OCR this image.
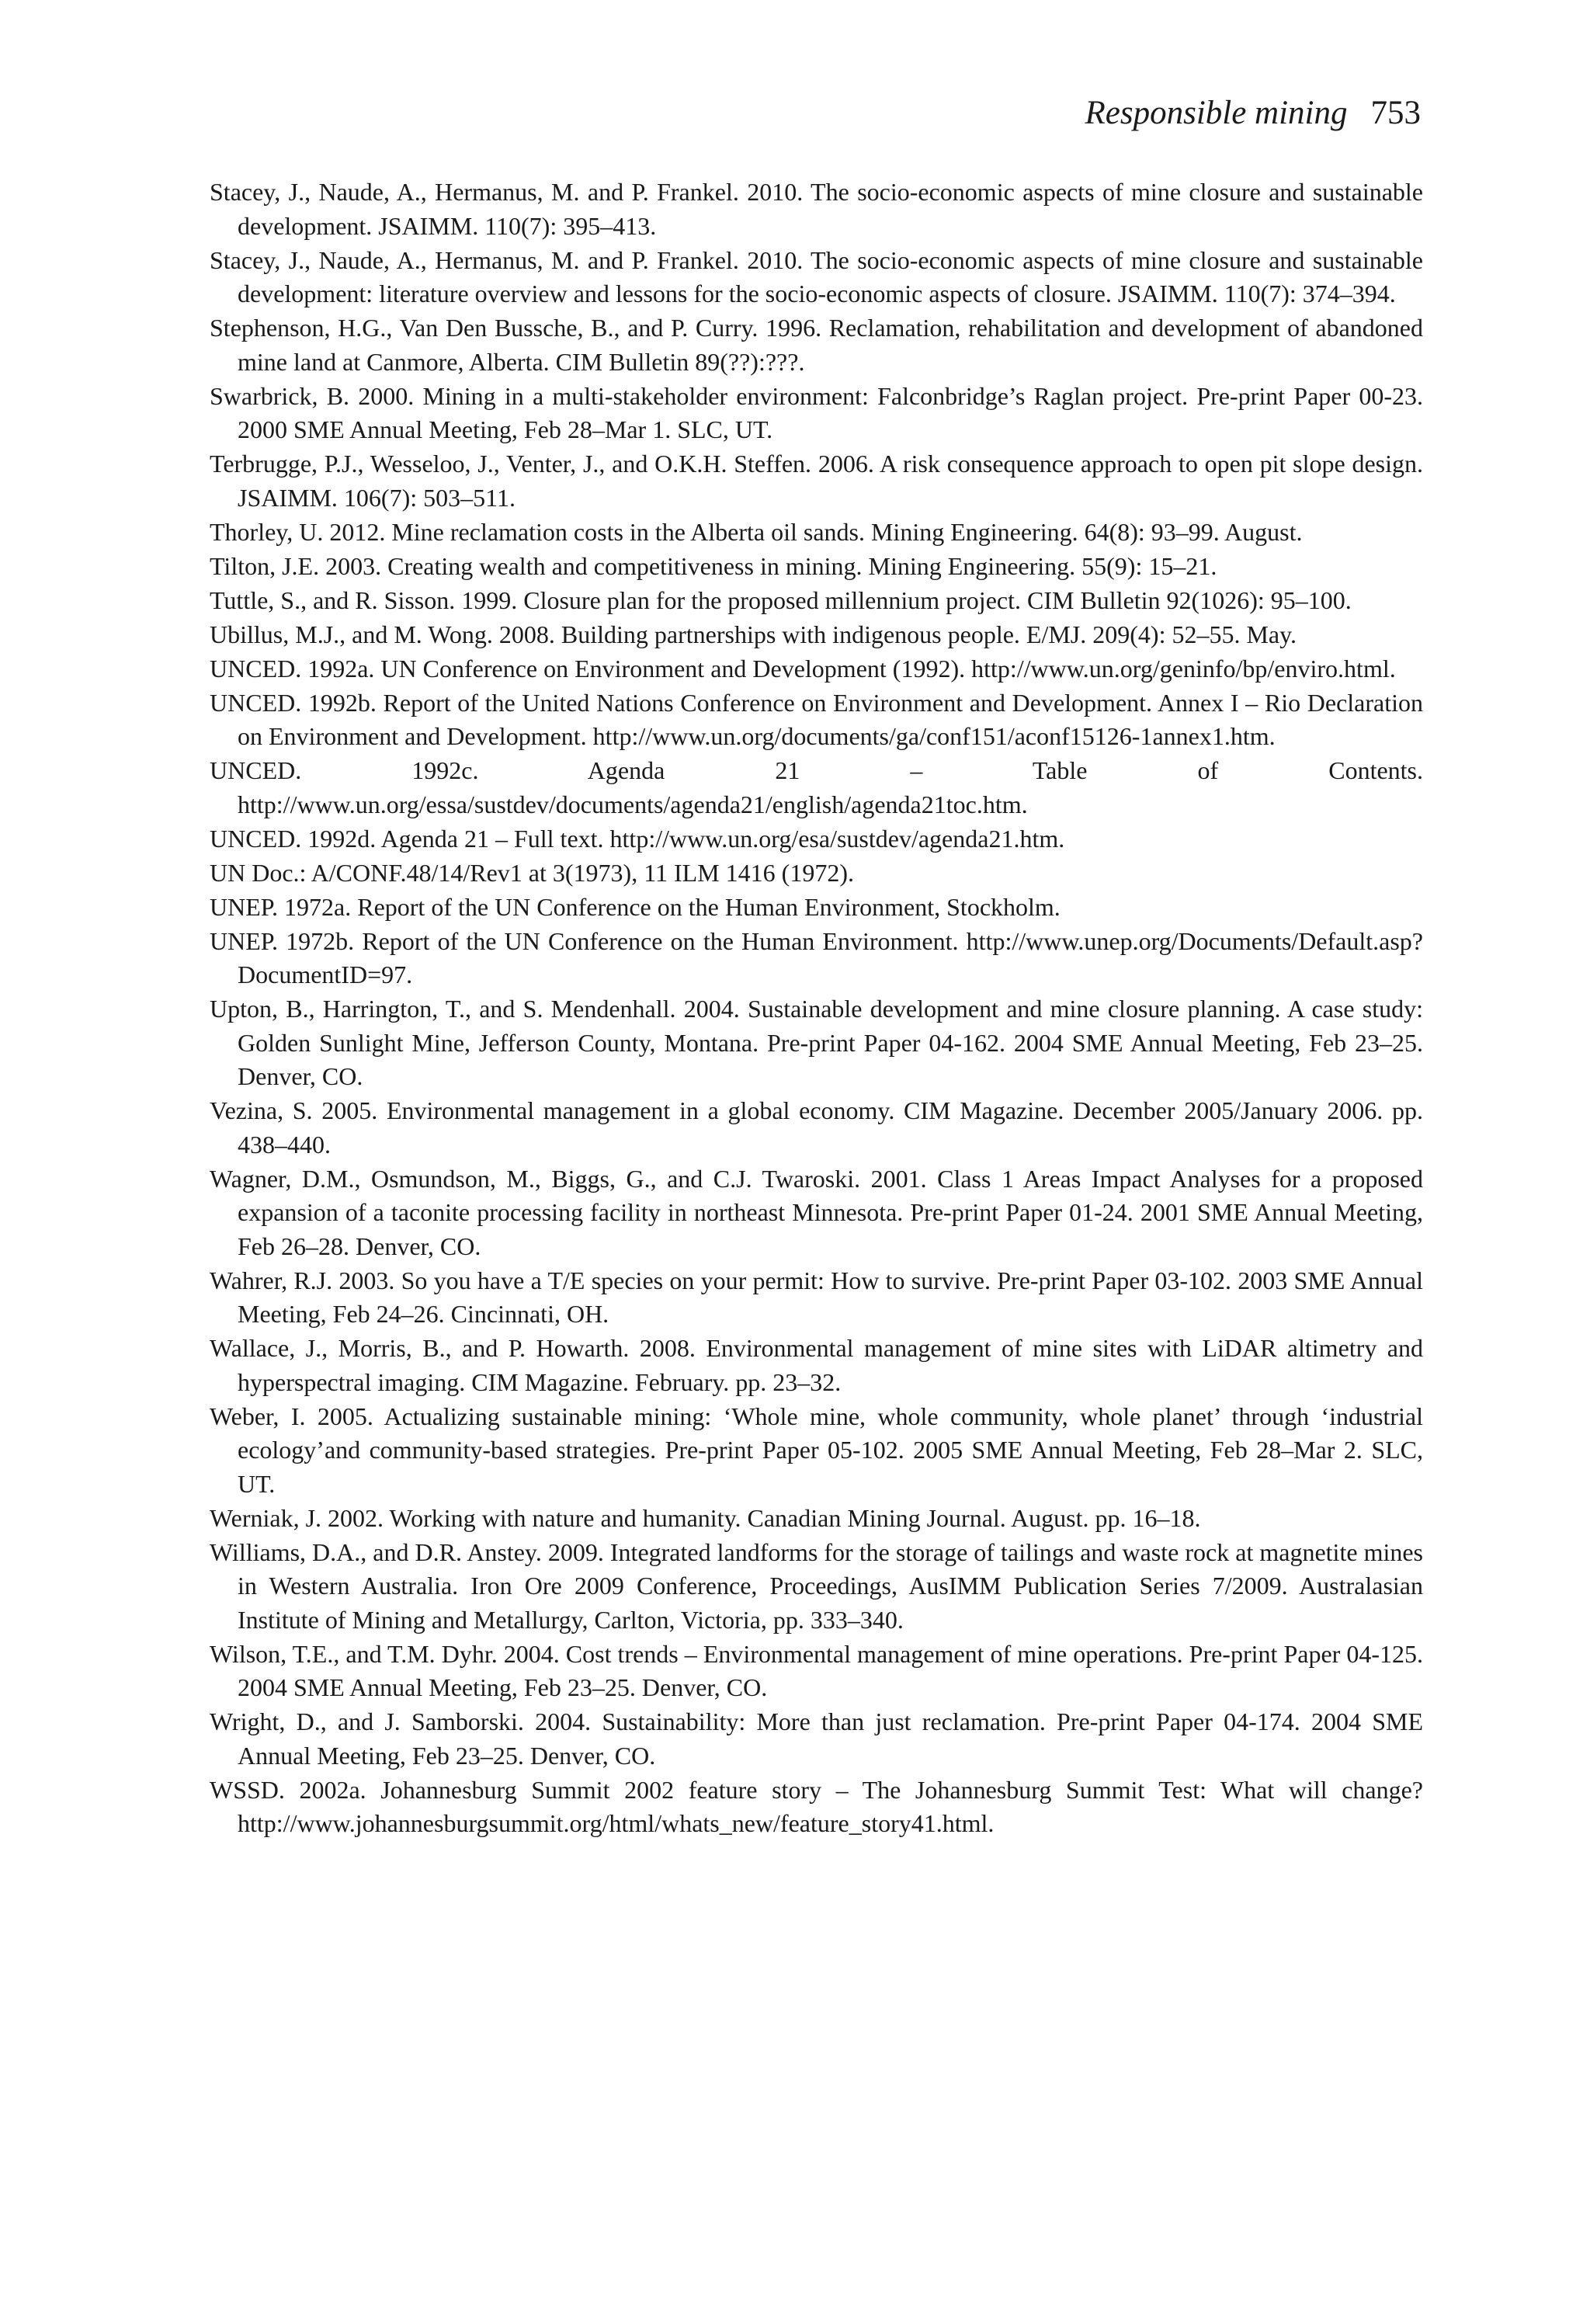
Responsible mining 753
Stacey, J., Naude, A., Hermanus, M. and P. Frankel. 2010. The socio-economic aspects of mine closure and sustainable development. JSAIMM. 110(7): 395–413.
Stacey, J., Naude, A., Hermanus, M. and P. Frankel. 2010. The socio-economic aspects of mine closure and sustainable development: literature overview and lessons for the socio-economic aspects of closure. JSAIMM. 110(7): 374–394.
Stephenson, H.G., Van Den Bussche, B., and P. Curry. 1996. Reclamation, rehabilitation and development of abandoned mine land at Canmore, Alberta. CIM Bulletin 89(??):???.
Swarbrick, B. 2000. Mining in a multi-stakeholder environment: Falconbridge’s Raglan project. Pre-print Paper 00-23. 2000 SME Annual Meeting, Feb 28–Mar 1. SLC, UT.
Terbrugge, P.J., Wesseloo, J., Venter, J., and O.K.H. Steffen. 2006. A risk consequence approach to open pit slope design. JSAIMM. 106(7): 503–511.
Thorley, U. 2012. Mine reclamation costs in the Alberta oil sands. Mining Engineering. 64(8): 93–99. August.
Tilton, J.E. 2003. Creating wealth and competitiveness in mining. Mining Engineering. 55(9): 15–21.
Tuttle, S., and R. Sisson. 1999. Closure plan for the proposed millennium project. CIM Bulletin 92(1026): 95–100.
Ubillus, M.J., and M. Wong. 2008. Building partnerships with indigenous people. E/MJ. 209(4): 52–55. May.
UNCED. 1992a. UN Conference on Environment and Development (1992). http://www.un.org/geninfo/bp/enviro.html.
UNCED. 1992b. Report of the United Nations Conference on Environment and Development. Annex I – Rio Declaration on Environment and Development. http://www.un.org/documents/ga/conf151/aconf15126-1annex1.htm.
UNCED. 1992c. Agenda 21 – Table of Contents. http://www.un.org/essa/sustdev/documents/agenda21/english/agenda21toc.htm.
UNCED. 1992d. Agenda 21 – Full text. http://www.un.org/esa/sustdev/agenda21.htm.
UN Doc.: A/CONF.48/14/Rev1 at 3(1973), 11 ILM 1416 (1972).
UNEP. 1972a. Report of the UN Conference on the Human Environment, Stockholm.
UNEP. 1972b. Report of the UN Conference on the Human Environment. http://www.unep.org/Documents/Default.asp?DocumentID=97.
Upton, B., Harrington, T., and S. Mendenhall. 2004. Sustainable development and mine closure planning. A case study: Golden Sunlight Mine, Jefferson County, Montana. Pre-print Paper 04-162. 2004 SME Annual Meeting, Feb 23–25. Denver, CO.
Vezina, S. 2005. Environmental management in a global economy. CIM Magazine. December 2005/January 2006. pp. 438–440.
Wagner, D.M., Osmundson, M., Biggs, G., and C.J. Twaroski. 2001. Class 1 Areas Impact Analyses for a proposed expansion of a taconite processing facility in northeast Minnesota. Pre-print Paper 01-24. 2001 SME Annual Meeting, Feb 26–28. Denver, CO.
Wahrer, R.J. 2003. So you have a T/E species on your permit: How to survive. Pre-print Paper 03-102. 2003 SME Annual Meeting, Feb 24–26. Cincinnati, OH.
Wallace, J., Morris, B., and P. Howarth. 2008. Environmental management of mine sites with LiDAR altimetry and hyperspectral imaging. CIM Magazine. February. pp. 23–32.
Weber, I. 2005. Actualizing sustainable mining: ‘Whole mine, whole community, whole planet’ through ‘industrial ecology’and community-based strategies. Pre-print Paper 05-102. 2005 SME Annual Meeting, Feb 28–Mar 2. SLC, UT.
Werniak, J. 2002. Working with nature and humanity. Canadian Mining Journal. August. pp. 16–18.
Williams, D.A., and D.R. Anstey. 2009. Integrated landforms for the storage of tailings and waste rock at magnetite mines in Western Australia. Iron Ore 2009 Conference, Proceedings, AusIMM Publication Series 7/2009. Australasian Institute of Mining and Metallurgy, Carlton, Victoria, pp. 333–340.
Wilson, T.E., and T.M. Dyhr. 2004. Cost trends – Environmental management of mine operations. Pre-print Paper 04-125. 2004 SME Annual Meeting, Feb 23–25. Denver, CO.
Wright, D., and J. Samborski. 2004. Sustainability: More than just reclamation. Pre-print Paper 04-174. 2004 SME Annual Meeting, Feb 23–25. Denver, CO.
WSSD. 2002a. Johannesburg Summit 2002 feature story – The Johannesburg Summit Test: What will change? http://www.johannesburgsummit.org/html/whats_new/feature_story41.html.
